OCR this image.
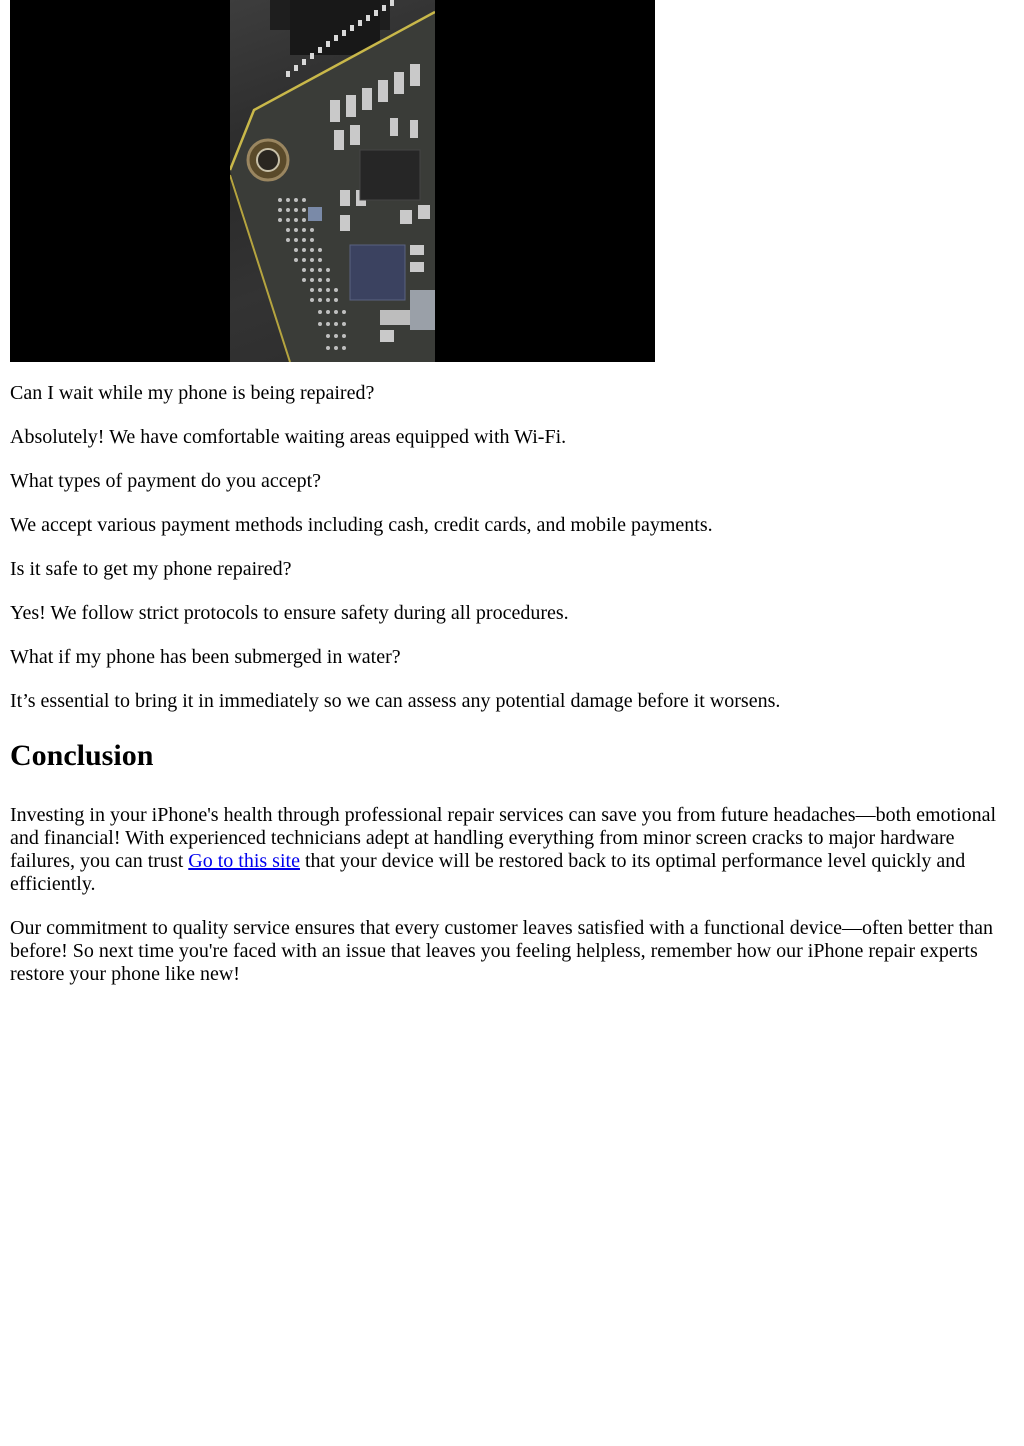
Can I wait while my phone is being repaired?

Absolutely! We have comfortable waiting areas equipped with Wi-Fi.

What types of payment do you accept?

We accept various payment methods including cash, credit cards, and mobile payments.

Is it safe to get my phone repaired?

Yes! We follow strict protocols to ensure safety during all procedures.

What if my phone has been submerged in water?

It’s essential to bring it in immediately so we can assess any potential damage before it worsens.

Conclusion

Investing in your iPhone's health through professional repair services can save you from future headaches—both emotional and financial! With experienced technicians adept at handling everything from minor screen cracks to major hardware failures, you can trust Go to this site that your device will be restored back to its optimal performance level quickly and efficiently.

Our commitment to quality service ensures that every customer leaves satisfied with a functional device—often better than before! So next time you're faced with an issue that leaves you feeling helpless, remember how our iPhone repair experts restore your phone like new!
